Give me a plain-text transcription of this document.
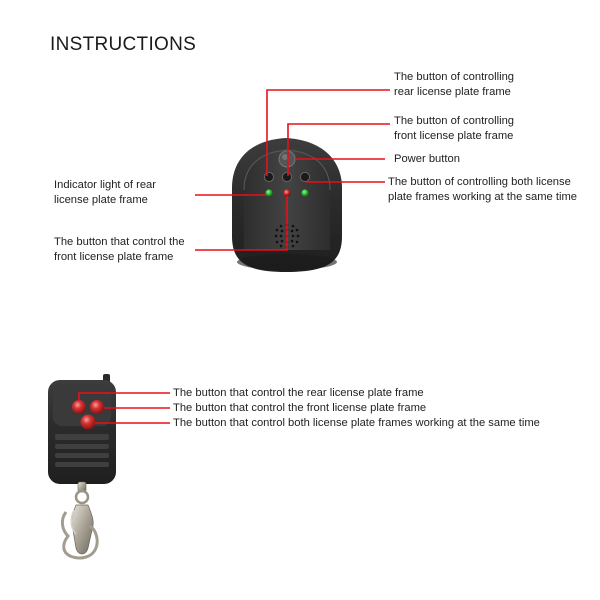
INSTRUCTIONS
The button of controlling
rear license plate frame
The button of controlling
front license plate frame
Power button
The button of controlling both license
plate frames working at the same time
Indicator light of rear
license plate frame
The button that control the
front license plate frame
The button that control the rear license plate frame
The button that control the front license plate frame
The button that control both license plate frames working at the same time
